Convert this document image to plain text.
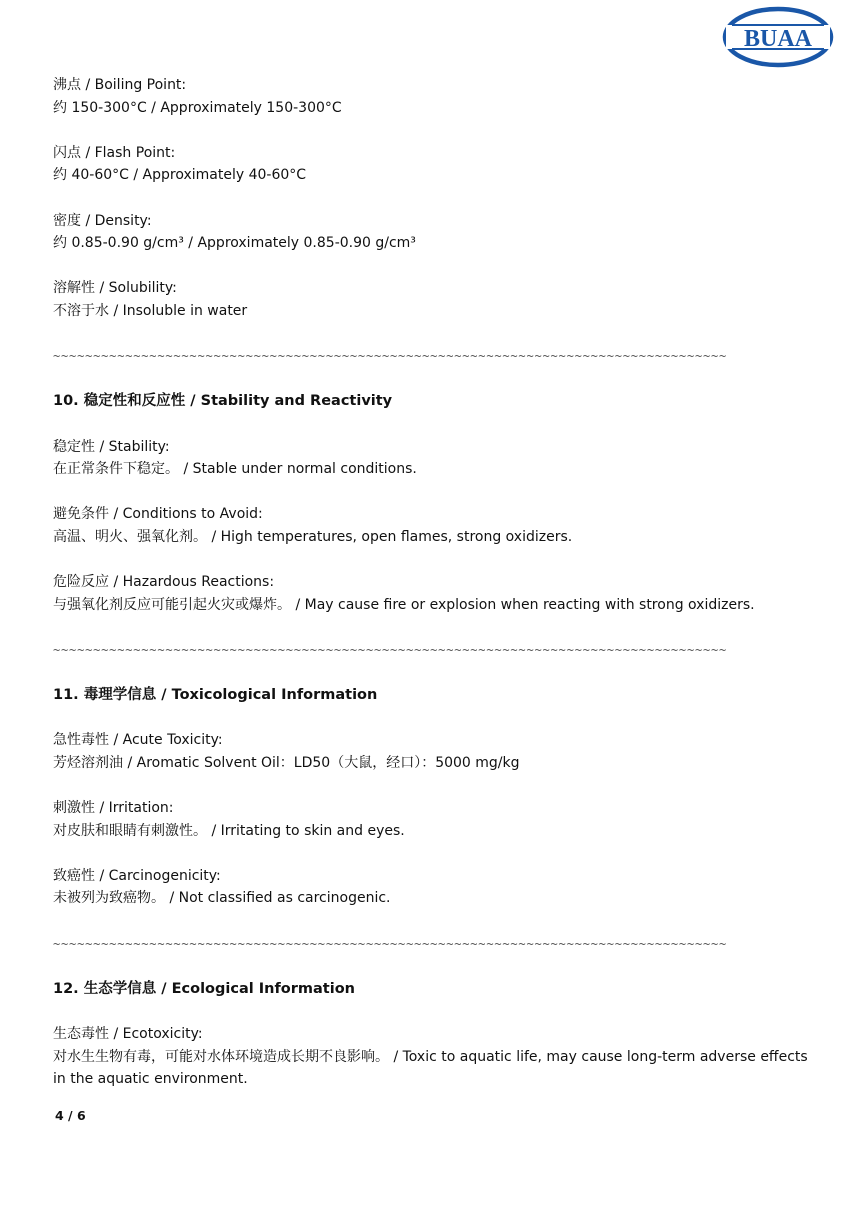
BUAA
沸点 / Boiling Point:
约 150-300°C / Approximately 150-300°C
闪点 / Flash Point:
约 40-60°C / Approximately 40-60°C
密度 / Density:
约 0.85-0.90 g/cm³ / Approximately 0.85-0.90 g/cm³
溶解性 / Solubility:
不溶于水 / Insoluble in water
~~~~~~~~~~~~~~~~~~~~~~~~~~~~~~~~~~~~~~~~~~~~~~~~~~~~~~~~~~~~~~~~~~~~~~~~~~~~~~~~~~~~
10. 稳定性和反应性 / Stability and Reactivity
稳定性 / Stability:
在正常条件下稳定。 / Stable under normal conditions.
避免条件 / Conditions to Avoid:
高温、明火、强氧化剂。 / High temperatures, open flames, strong oxidizers.
危险反应 / Hazardous Reactions:
与强氧化剂反应可能引起火灾或爆炸。 / May cause fire or explosion when reacting with strong oxidizers.
~~~~~~~~~~~~~~~~~~~~~~~~~~~~~~~~~~~~~~~~~~~~~~~~~~~~~~~~~~~~~~~~~~~~~~~~~~~~~~~~~~~~
11. 毒理学信息 / Toxicological Information
急性毒性 / Acute Toxicity:
芳烃溶剂油 / Aromatic Solvent Oil：LD50（大鼠，经口）：5000 mg/kg
刺激性 / Irritation:
对皮肤和眼睛有刺激性。 / Irritating to skin and eyes.
致癌性 / Carcinogenicity:
未被列为致癌物。 / Not classified as carcinogenic.
~~~~~~~~~~~~~~~~~~~~~~~~~~~~~~~~~~~~~~~~~~~~~~~~~~~~~~~~~~~~~~~~~~~~~~~~~~~~~~~~~~~~
12. 生态学信息 / Ecological Information
生态毒性 / Ecotoxicity:
对水生生物有毒，可能对水体环境造成长期不良影响。 / Toxic to aquatic life, may cause long-term adverse effects in the aquatic environment.
4 / 6
